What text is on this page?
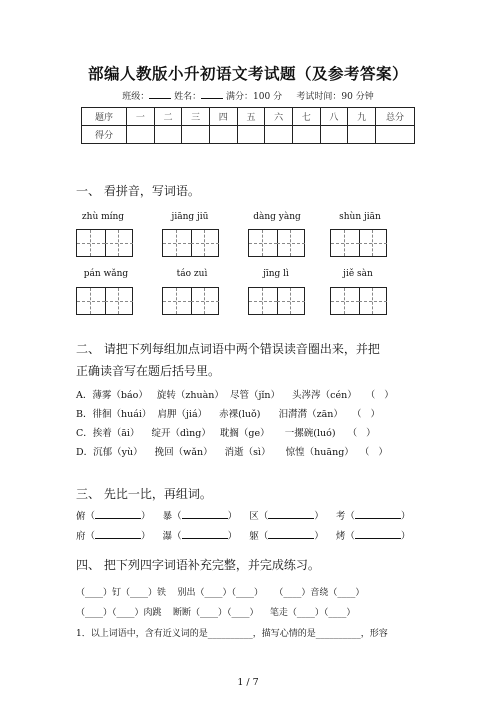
部编人教版小升初语文考试题（及参考答案）
班级：	姓名：	满分：100 分 考试时间：90 分钟
题序	一	二	三	四	五	六	七	八	九	总分
得分										
一、 看拼音，写词语。
zhù míng	jiāng jiū	dàng yàng	shùn jiān
pán wǎng	táo zuì	jīng lì	jiě sàn
二、 请把下列每组加点词语中两个错误读音圈出来，并把
正确读音写在题后括号里。
A．薄雾（báo）   旋转（zhuàn）  尽管（jǐn）    头涔涔（cén）   （   ）
B．徘徊（huái）  肩胛（jiá）    赤裸(luǒ)      汨潸潸（zān）   （   ）
C．挨着（āi）    绽开（dìng）   耽搁（ge）     一摞碗(luó)    （   ）
D．沉郁（yù）    挽回（wǎn）    消逝（sì）     惊惶（huāng）  （   ）
三、 先比一比，再组词。
俯（	） 暴（	） 区（	） 考（	）
府（	） 瀑（	） 躯（	） 烤（	）
四、 把下列四字词语补充完整，并完成练习。
（____）钉（____）铁    别出（____）（____）    （____）音绕（____）
（____）（____）肉跳    断断（____）（____）    笔走（____）（____）
1．以上词语中，含有近义词的是__________，描写心情的是__________，形容
1 / 7
